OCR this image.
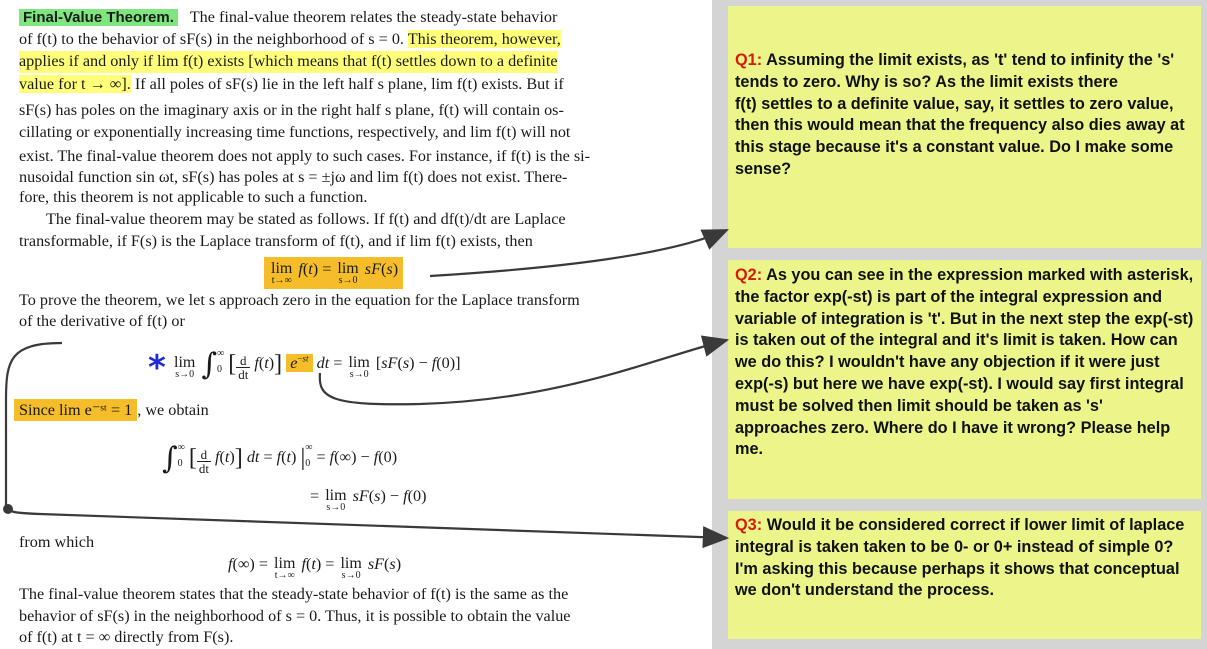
Final-Value Theorem. The final-value theorem relates the steady-state behavior
of f(t) to the behavior of sF(s) in the neighborhood of s = 0. This theorem, however,
applies if and only if lim f(t) exists [which means that f(t) settles down to a definite
value for t → ∞]. If all poles of sF(s) lie in the left half s plane, lim f(t) exists. But if
sF(s) has poles on the imaginary axis or in the right half s plane, f(t) will contain os-
cillating or exponentially increasing time functions, respectively, and lim f(t) will not
exist. The final-value theorem does not apply to such cases. For instance, if f(t) is the si-
nusoidal function sin ωt, sF(s) has poles at s = ±jω and lim f(t) does not exist. There-
fore, this theorem is not applicable to such a function.
The final-value theorem may be stated as follows. If f(t) and df(t)/dt are Laplace
transformable, if F(s) is the Laplace transform of f(t), and if lim f(t) exists, then
lim
t→∞
f(t) = lim
s→0
sF(s)
To prove the theorem, we let s approach zero in the equation for the Laplace transform
of the derivative of f(t) or
* lim
s→0 ∫∞
0 [ $\frac{d}{dt} f(t)$] $e^{-st}$ dt = lim
s→0
[sF(s) − f(0)]
Since lim e⁻ˢᵗ = 1 , we obtain
∫∞
0 [ $\frac{d}{dt} f(t)$] dt = f(t) |∞
0 = f(∞) − f(0)
= lim
s→0
sF(s) − f(0)
from which
f(∞) = lim
t→∞
f(t) = lim
s→0
sF(s)
The final-value theorem states that the steady-state behavior of f(t) is the same as the
behavior of sF(s) in the neighborhood of s = 0. Thus, it is possible to obtain the value
of f(t) at t = ∞ directly from F(s).
Q1: Assuming the limit exists, as 't' tend to infinity the 's' tends to zero. Why is so? As the limit exists there
f(t) settles to a definite value, say, it settles to zero value, then this would mean that the frequency also dies away at this stage because it's a constant value. Do I make some sense?
Q2: As you can see in the expression marked with asterisk, the factor exp(-st) is part of the integral expression and variable of integration is 't'. But in the next step the exp(-st) is taken out of the integral and it's limit is taken. How can we do this? I wouldn't have any objection if it were just exp(-s) but here we have exp(-st). I would say first integral must be solved then limit should be taken as 's' approaches zero. Where do I have it wrong? Please help me.
Q3: Would it be considered correct if lower limit of laplace integral is taken taken to be 0- or 0+ instead of simple 0? I'm asking this because perhaps it shows that conceptual we don't understand the process.
